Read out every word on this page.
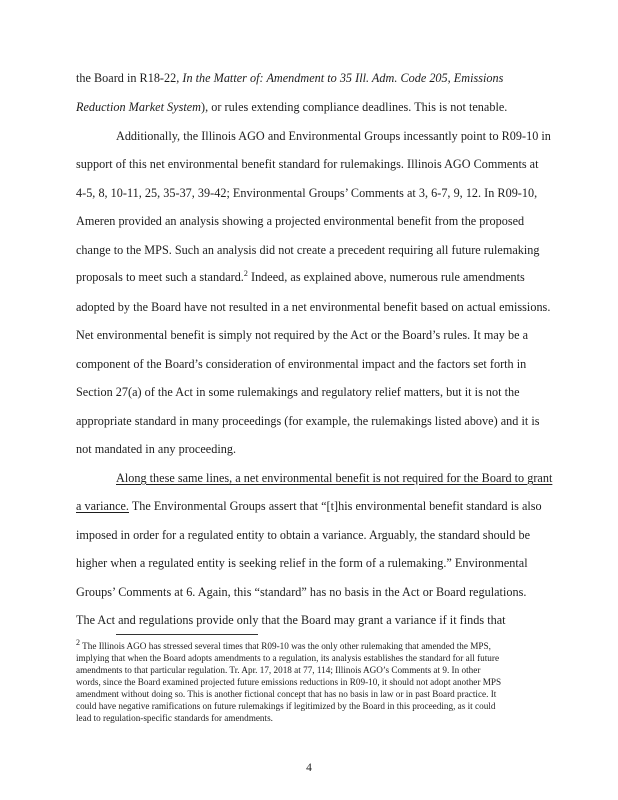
the Board in R18-22, In the Matter of: Amendment to 35 Ill. Adm. Code 205, Emissions
Reduction Market System), or rules extending compliance deadlines. This is not tenable.
Additionally, the Illinois AGO and Environmental Groups incessantly point to R09-10 in
support of this net environmental benefit standard for rulemakings. Illinois AGO Comments at
4-5, 8, 10-11, 25, 35-37, 39-42; Environmental Groups’ Comments at 3, 6-7, 9, 12. In R09-10,
Ameren provided an analysis showing a projected environmental benefit from the proposed
change to the MPS. Such an analysis did not create a precedent requiring all future rulemaking
proposals to meet such a standard.$^2$ Indeed, as explained above, numerous rule amendments
adopted by the Board have not resulted in a net environmental benefit based on actual emissions.
Net environmental benefit is simply not required by the Act or the Board’s rules. It may be a
component of the Board’s consideration of environmental impact and the factors set forth in
Section 27(a) of the Act in some rulemakings and regulatory relief matters, but it is not the
appropriate standard in many proceedings (for example, the rulemakings listed above) and it is
not mandated in any proceeding.
Along these same lines, a net environmental benefit is not required for the Board to grant
a variance. The Environmental Groups assert that “[t]his environmental benefit standard is also
imposed in order for a regulated entity to obtain a variance. Arguably, the standard should be
higher when a regulated entity is seeking relief in the form of a rulemaking.” Environmental
Groups’ Comments at 6. Again, this “standard” has no basis in the Act or Board regulations.
The Act and regulations provide only that the Board may grant a variance if it finds that
$^2$ The Illinois AGO has stressed several times that R09-10 was the only other rulemaking that amended the MPS,
implying that when the Board adopts amendments to a regulation, its analysis establishes the standard for all future
amendments to that particular regulation. Tr. Apr. 17, 2018 at 77, 114; Illinois AGO’s Comments at 9. In other
words, since the Board examined projected future emissions reductions in R09-10, it should not adopt another MPS
amendment without doing so. This is another fictional concept that has no basis in law or in past Board practice. It
could have negative ramifications on future rulemakings if legitimized by the Board in this proceeding, as it could
lead to regulation-specific standards for amendments.
4
